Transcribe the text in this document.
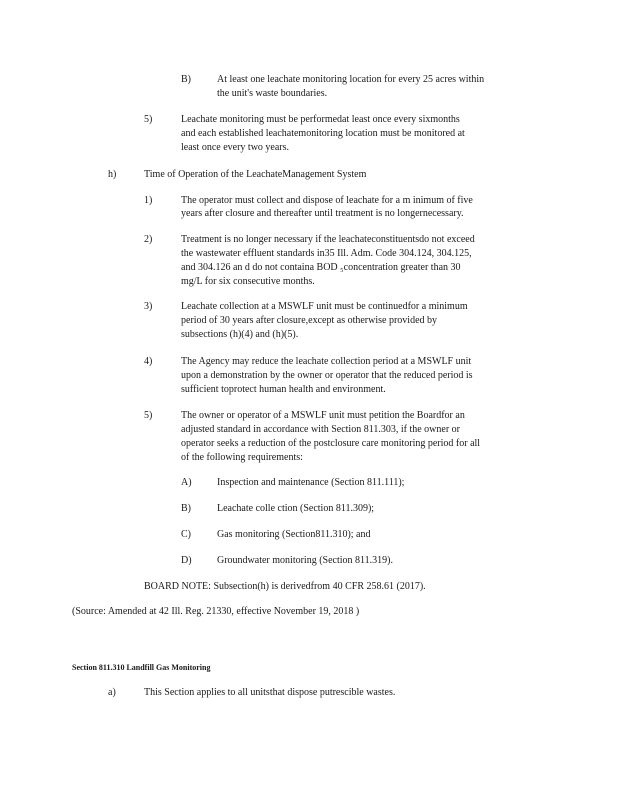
B)	At least one leachate monitoring location for every 25 acres within
the unit's waste boundaries.
5)	Leachate monitoring must be performedat least once every sixmonths
and each established leachatemonitoring location must be monitored at
least once every two years.
h)	Time of Operation of the LeachateManagement System
1)	The operator must collect and dispose of leachate for a m inimum of five
years after closure and thereafter until treatment is no longernecessary.
2)	Treatment is no longer necessary if the leachateconstituentsdo not exceed
the wastewater effluent standards in35 Ill. Adm. Code 304.124, 304.125,
and 304.126 an d do not containa BOD ₅concentration greater than 30
mg/L for six consecutive months.
3)	Leachate collection at a MSWLF unit must be continuedfor a minimum
period of 30 years after closure,except as otherwise provided by
subsections (h)(4) and (h)(5).
4)	The Agency may reduce the leachate collection period at a MSWLF unit
upon a demonstration by the owner or operator that the reduced period is
sufficient toprotect human health and environment.
5)	The owner or operator of a MSWLF unit must petition the Boardfor an
adjusted standard in accordance with Section 811.303, if the owner or
operator seeks a reduction of the postclosure care monitoring period for all
of the following requirements:
A)	Inspection and maintenance (Section 811.111);
B)	Leachate colle ction (Section 811.309);
C)	Gas monitoring (Section811.310); and
D)	Groundwater monitoring (Section 811.319).
BOARD NOTE: Subsection(h) is derivedfrom 40 CFR 258.61 (2017).
(Source: Amended at 42 Ill. Reg. 21330, effective November 19, 2018 )
Section 811.310 Landfill Gas Monitoring
a)	This Section applies to all unitsthat dispose putrescible wastes.
